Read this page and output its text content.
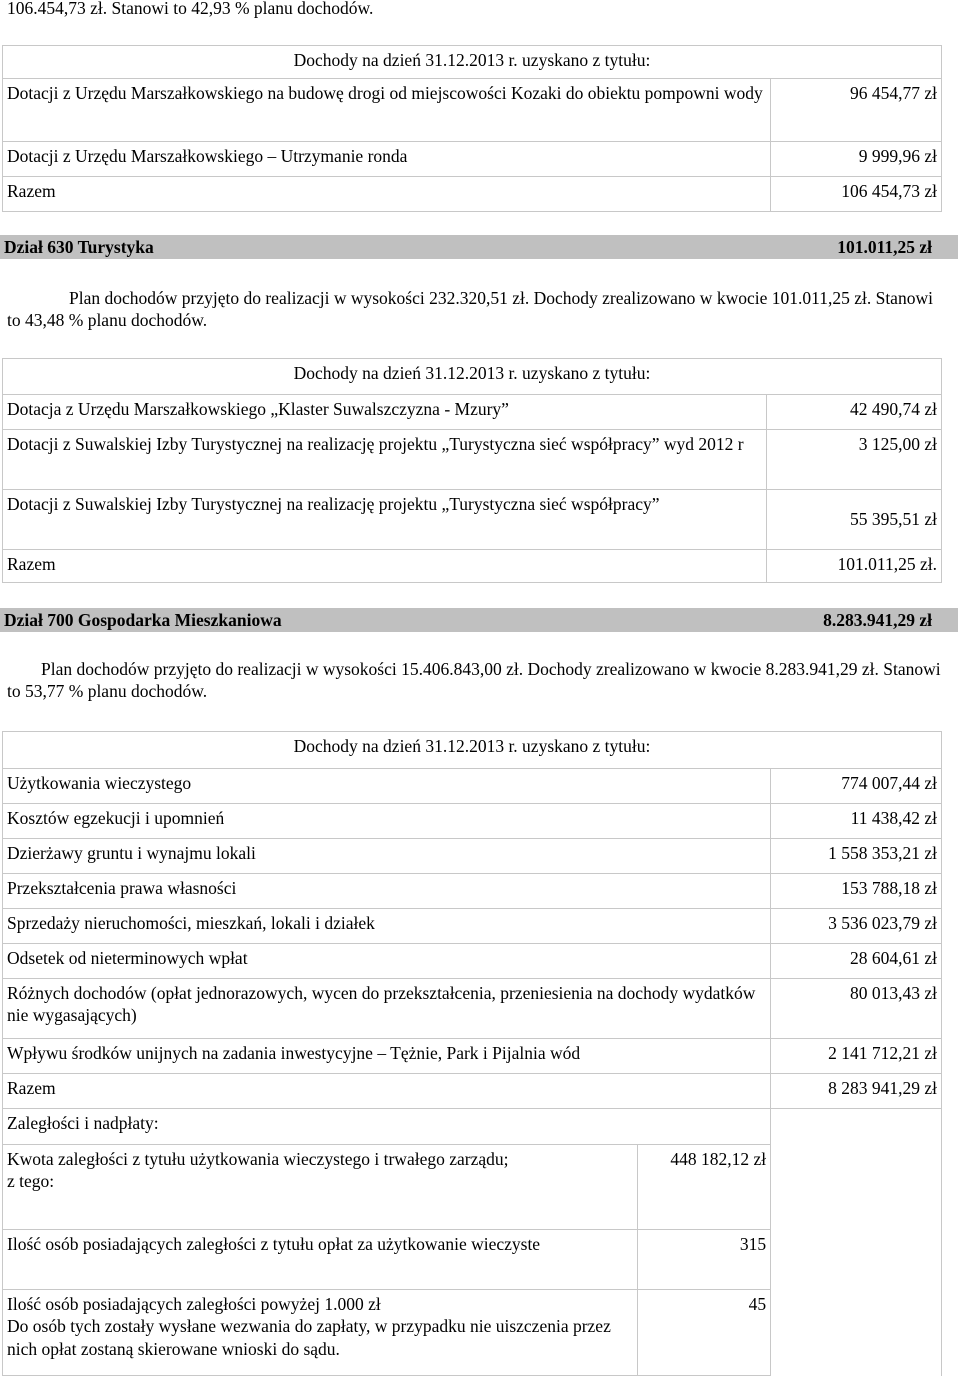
106.454,73 zł. Stanowi to 42,93 % planu dochodów.
Dochody na dzień 31.12.2013 r. uzyskano z tytułu:	
Dotacji z Urzędu Marszałkowskiego na budowę drogi od miejscowości Kozaki do obiektu pompowni wody	96 454,77 zł
Dotacji z Urzędu Marszałkowskiego – Utrzymanie ronda	9 999,96 zł
Razem	106 454,73 zł
Dział 630 Turystyka	101.011,25 zł
Plan dochodów przyjęto do realizacji w wysokości 232.320,51 zł. Dochody zrealizowano w kwocie 101.011,25 zł. Stanowi to 43,48 % planu dochodów.
Dochody na dzień 31.12.2013 r. uzyskano z tytułu:	
Dotacja z Urzędu Marszałkowskiego „Klaster Suwalszczyzna - Mzury”	42 490,74 zł
Dotacji z Suwalskiej Izby Turystycznej na realizację projektu „Turystyczna sieć współpracy” wyd 2012 r	3 125,00 zł
Dotacji z Suwalskiej Izby Turystycznej na realizację projektu „Turystyczna sieć współpracy”	55 395,51 zł
Razem	101.011,25 zł.
Dział 700 Gospodarka Mieszkaniowa	8.283.941,29 zł
Plan dochodów przyjęto do realizacji w wysokości 15.406.843,00 zł. Dochody zrealizowano w kwocie 8.283.941,29 zł. Stanowi to 53,77 % planu dochodów.
Dochody na dzień 31.12.2013 r. uzyskano z tytułu:		
Użytkowania wieczystego		774 007,44 zł
Kosztów egzekucji i upomnień		11 438,42 zł
Dzierżawy gruntu i wynajmu lokali		1 558 353,21 zł
Przekształcenia prawa własności		153 788,18 zł
Sprzedaży nieruchomości, mieszkań, lokali i działek		3 536 023,79 zł
Odsetek od nieterminowych wpłat		28 604,61 zł
Różnych dochodów (opłat jednorazowych, wycen do przekształcenia, przeniesienia na dochody wydatków nie wygasających)		80 013,43 zł
Wpływu środków unijnych na zadania inwestycyjne – Tężnie, Park i Pijalnia wód		2 141 712,21 zł
Razem		8 283 941,29 zł
Zaległości i nadpłaty:		
Kwota zaległości z tytułu użytkowania wieczystego i trwałego zarządu;
z tego:	448 182,12 zł	
Ilość osób posiadających zaległości z tytułu opłat za użytkowanie wieczyste	315	
Ilość osób posiadających zaległości powyżej 1.000 zł
Do osób tych zostały wysłane wezwania do zapłaty, w przypadku nie uiszczenia przez nich opłat zostaną skierowane wnioski do sądu.	45	
